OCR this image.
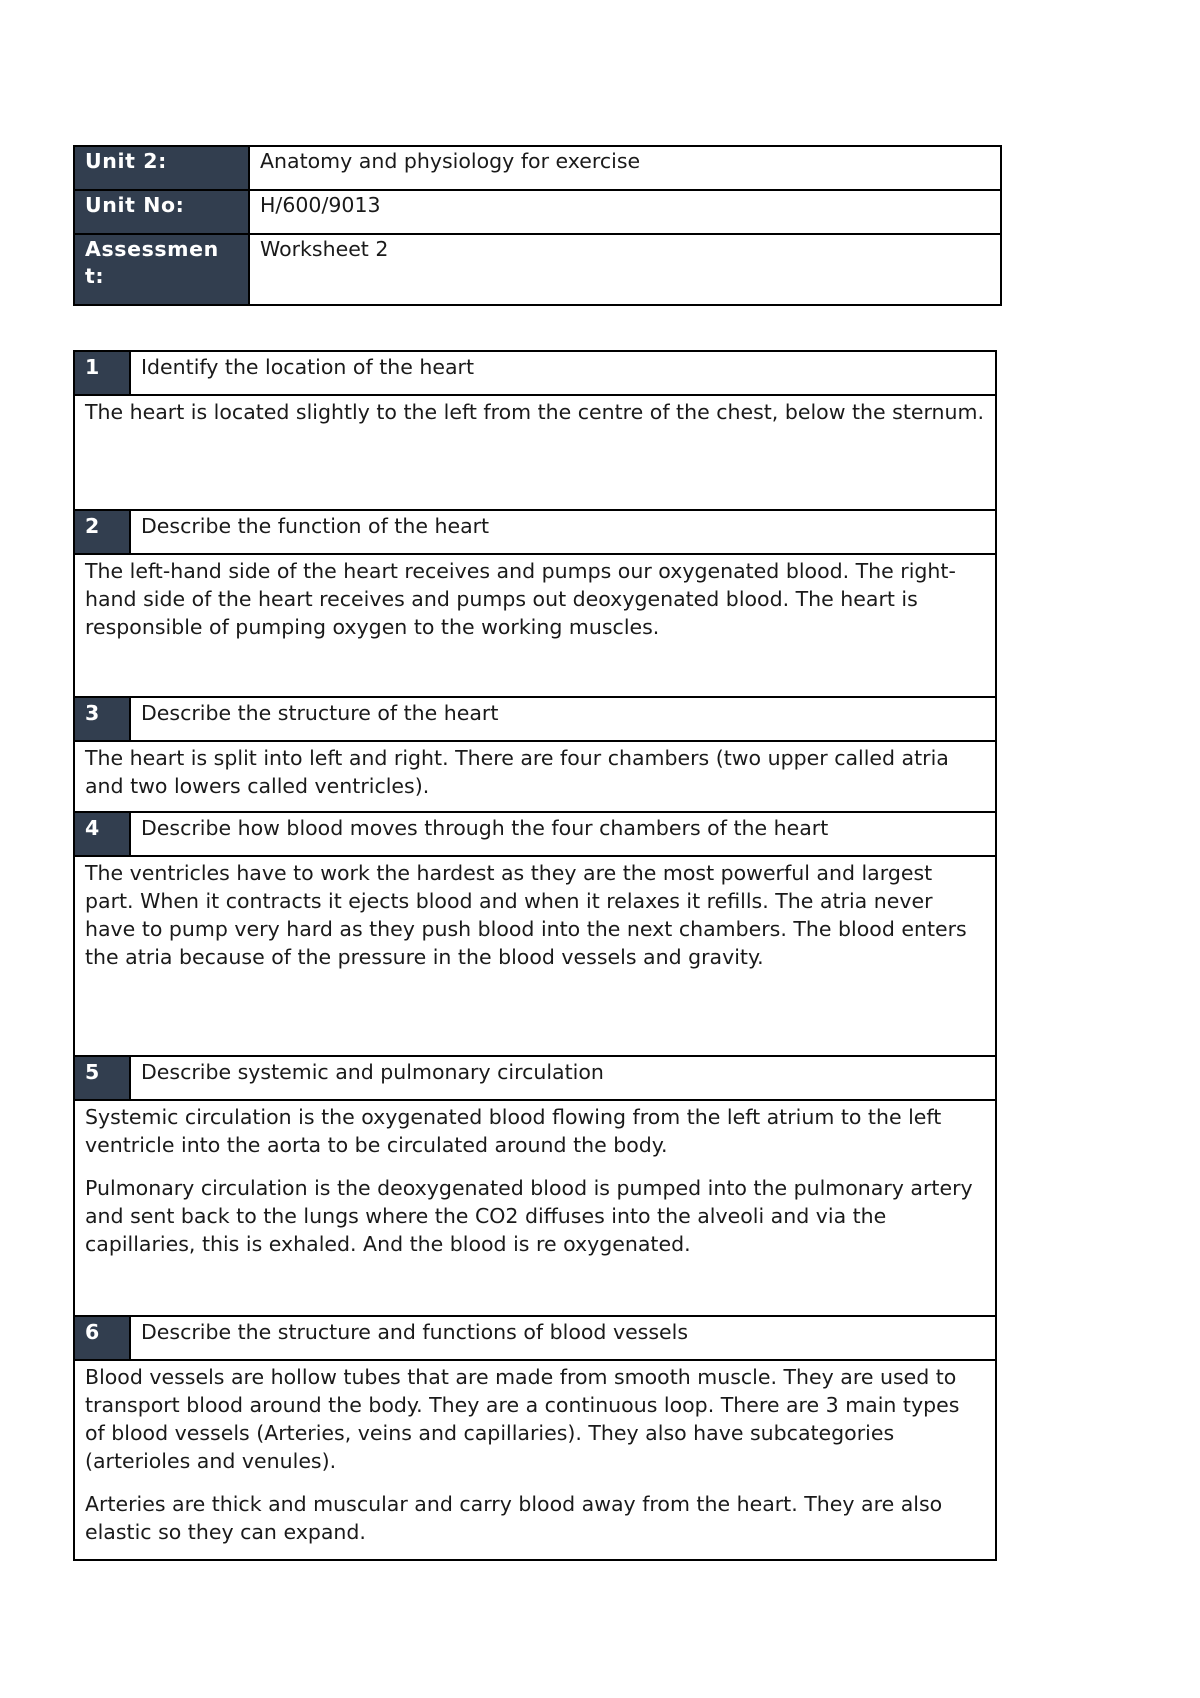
Unit 2:	Anatomy and physiology for exercise
Unit No:	H/600/9013
Assessmen t:	Worksheet 2
1	Identify the location of the heart

The heart is located slightly to the left from the centre of the chest, below the sternum.	

2	Describe the function of the heart

The left-hand side of the heart receives and pumps our oxygenated blood. The right-hand side of the heart receives and pumps out deoxygenated blood. The heart is responsible of pumping oxygen to the working muscles.	

3	Describe the structure of the heart

The heart is split into left and right. There are four chambers (two upper called atria and two lowers called ventricles).	

4	Describe how blood moves through the four chambers of the heart

The ventricles have to work the hardest as they are the most powerful and largest part. When it contracts it ejects blood and when it relaxes it refills. The atria never have to pump very hard as they push blood into the next chambers. The blood enters the atria because of the pressure in the blood vessels and gravity.	

5	Describe systemic and pulmonary circulation

Systemic circulation is the oxygenated blood flowing from the left atrium to the left ventricle into the aorta to be circulated around the body.

Pulmonary circulation is the deoxygenated blood is pumped into the pulmonary artery and sent back to the lungs where the CO2 diffuses into the alveoli and via the capillaries, this is exhaled. And the blood is re oxygenated.	

6	Describe the structure and functions of blood vessels

Blood vessels are hollow tubes that are made from smooth muscle. They are used to transport blood around the body. They are a continuous loop. There are 3 main types of blood vessels (Arteries, veins and capillaries). They also have subcategories (arterioles and venules).

Arteries are thick and muscular and carry blood away from the heart. They are also elastic so they can expand.	
